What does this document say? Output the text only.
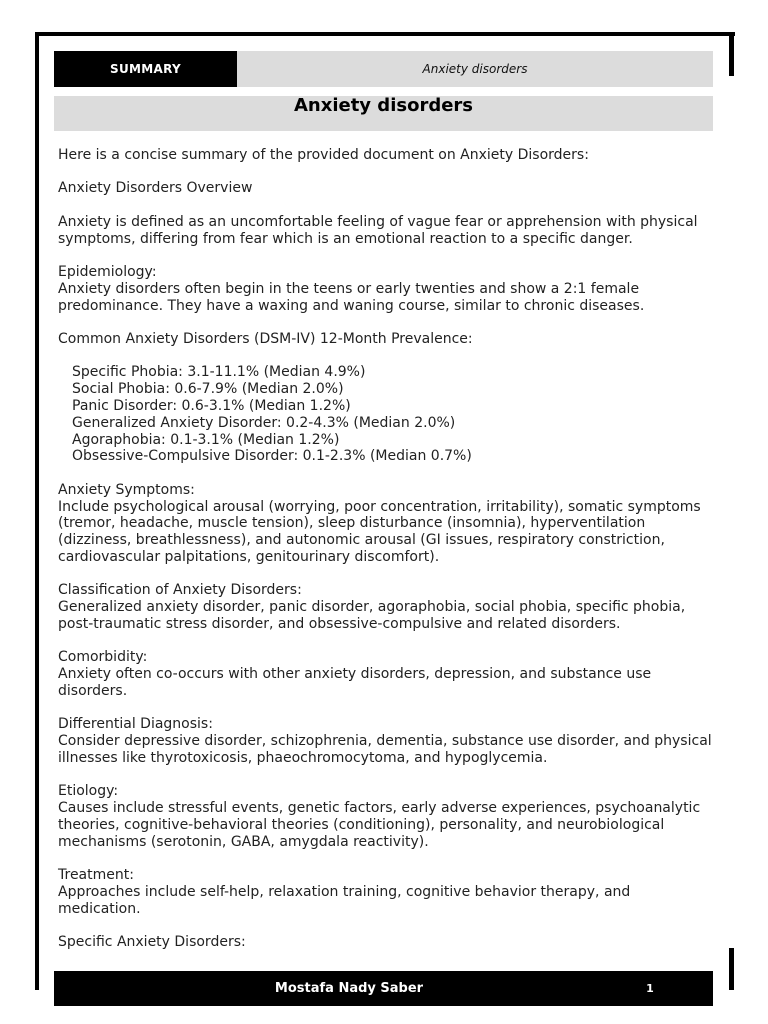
SUMMARY	Anxiety disorders
Anxiety disorders

Here is a concise summary of the provided document on Anxiety Disorders:

Anxiety Disorders Overview

Anxiety is defined as an uncomfortable feeling of vague fear or apprehension with physical symptoms, differing from fear which is an emotional reaction to a specific danger.

Epidemiology:
Anxiety disorders often begin in the teens or early twenties and show a 2:1 female predominance. They have a waxing and waning course, similar to chronic diseases.

Common Anxiety Disorders (DSM-IV) 12-Month Prevalence:

Specific Phobia: 3.1-11.1% (Median 4.9%)
Social Phobia: 0.6-7.9% (Median 2.0%)
Panic Disorder: 0.6-3.1% (Median 1.2%)
Generalized Anxiety Disorder: 0.2-4.3% (Median 2.0%)
Agoraphobia: 0.1-3.1% (Median 1.2%)
Obsessive-Compulsive Disorder: 0.1-2.3% (Median 0.7%)

Anxiety Symptoms:
Include psychological arousal (worrying, poor concentration, irritability), somatic symptoms (tremor, headache, muscle tension), sleep disturbance (insomnia), hyperventilation (dizziness, breathlessness), and autonomic arousal (GI issues, respiratory constriction, cardiovascular palpitations, genitourinary discomfort).

Classification of Anxiety Disorders:
Generalized anxiety disorder, panic disorder, agoraphobia, social phobia, specific phobia, post-traumatic stress disorder, and obsessive-compulsive and related disorders.

Comorbidity:
Anxiety often co-occurs with other anxiety disorders, depression, and substance use disorders.

Differential Diagnosis:
Consider depressive disorder, schizophrenia, dementia, substance use disorder, and physical illnesses like thyrotoxicosis, phaeochromocytoma, and hypoglycemia.

Etiology:
Causes include stressful events, genetic factors, early adverse experiences, psychoanalytic theories, cognitive-behavioral theories (conditioning), personality, and neurobiological mechanisms (serotonin, GABA, amygdala reactivity).

Treatment:
Approaches include self-help, relaxation training, cognitive behavior therapy, and medication.

Specific Anxiety Disorders:

Mostafa Nady Saber	1
